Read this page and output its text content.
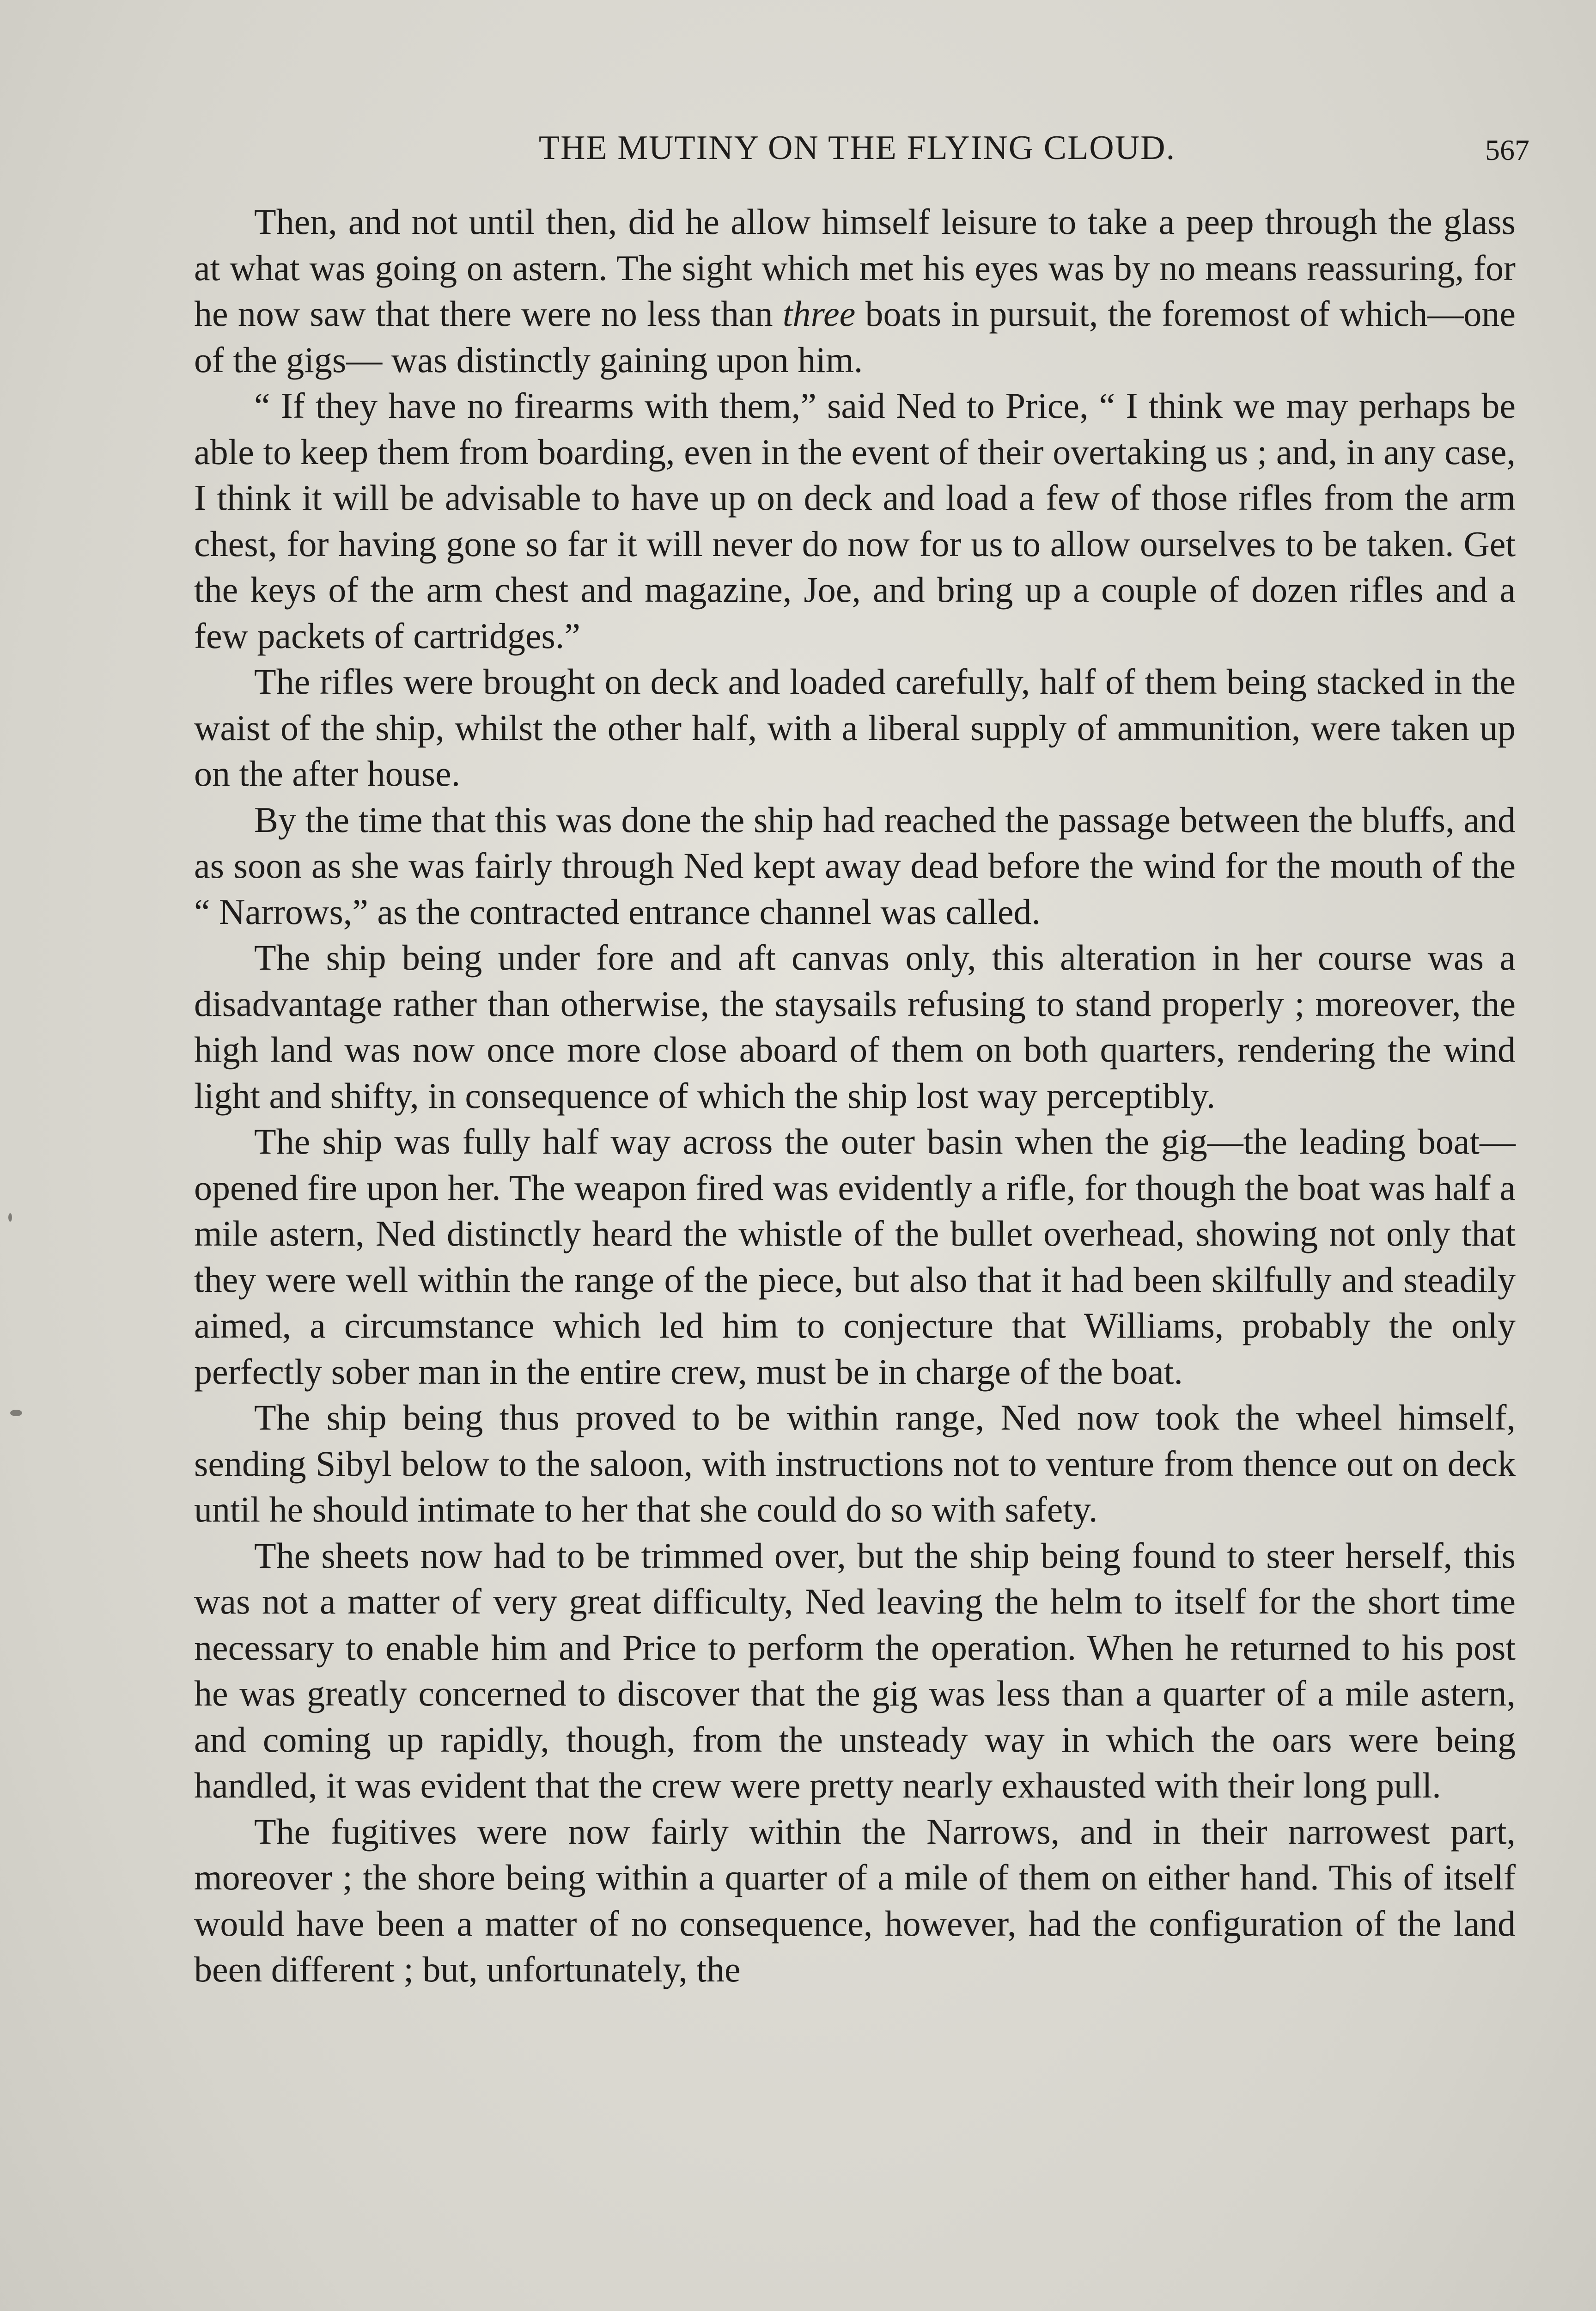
THE MUTINY ON THE FLYING CLOUD.	567

Then, and not until then, did he allow himself leisure to take a peep through the glass at what was going on astern. The sight which met his eyes was by no means reassuring, for he now saw that there were no less than three boats in pursuit, the foremost of which—one of the gigs— was distinctly gaining upon him.

“ If they have no firearms with them,” said Ned to Price, “ I think we may perhaps be able to keep them from boarding, even in the event of their overtaking us ; and, in any case, I think it will be advisable to have up on deck and load a few of those rifles from the arm chest, for having gone so far it will never do now for us to allow ourselves to be taken. Get the keys of the arm chest and magazine, Joe, and bring up a couple of dozen rifles and a few packets of cartridges.”

The rifles were brought on deck and loaded carefully, half of them being stacked in the waist of the ship, whilst the other half, with a liberal supply of ammunition, were taken up on the after house.

By the time that this was done the ship had reached the passage between the bluffs, and as soon as she was fairly through Ned kept away dead before the wind for the mouth of the “ Narrows,” as the contracted entrance channel was called.

The ship being under fore and aft canvas only, this alteration in her course was a disadvantage rather than otherwise, the staysails refusing to stand properly ; moreover, the high land was now once more close aboard of them on both quarters, rendering the wind light and shifty, in consequence of which the ship lost way perceptibly.

The ship was fully half way across the outer basin when the gig—the leading boat—opened fire upon her. The weapon fired was evidently a rifle, for though the boat was half a mile astern, Ned distinctly heard the whistle of the bullet overhead, showing not only that they were well within the range of the piece, but also that it had been skilfully and steadily aimed, a circumstance which led him to conjecture that Williams, probably the only perfectly sober man in the entire crew, must be in charge of the boat.

The ship being thus proved to be within range, Ned now took the wheel himself, sending Sibyl below to the saloon, with instructions not to venture from thence out on deck until he should intimate to her that she could do so with safety.

The sheets now had to be trimmed over, but the ship being found to steer herself, this was not a matter of very great difficulty, Ned leaving the helm to itself for the short time necessary to enable him and Price to perform the operation. When he returned to his post he was greatly concerned to discover that the gig was less than a quarter of a mile astern, and coming up rapidly, though, from the unsteady way in which the oars were being handled, it was evident that the crew were pretty nearly exhausted with their long pull.

The fugitives were now fairly within the Narrows, and in their narrowest part, moreover ; the shore being within a quarter of a mile of them on either hand. This of itself would have been a matter of no consequence, however, had the configuration of the land been different ; but, unfortunately, the
